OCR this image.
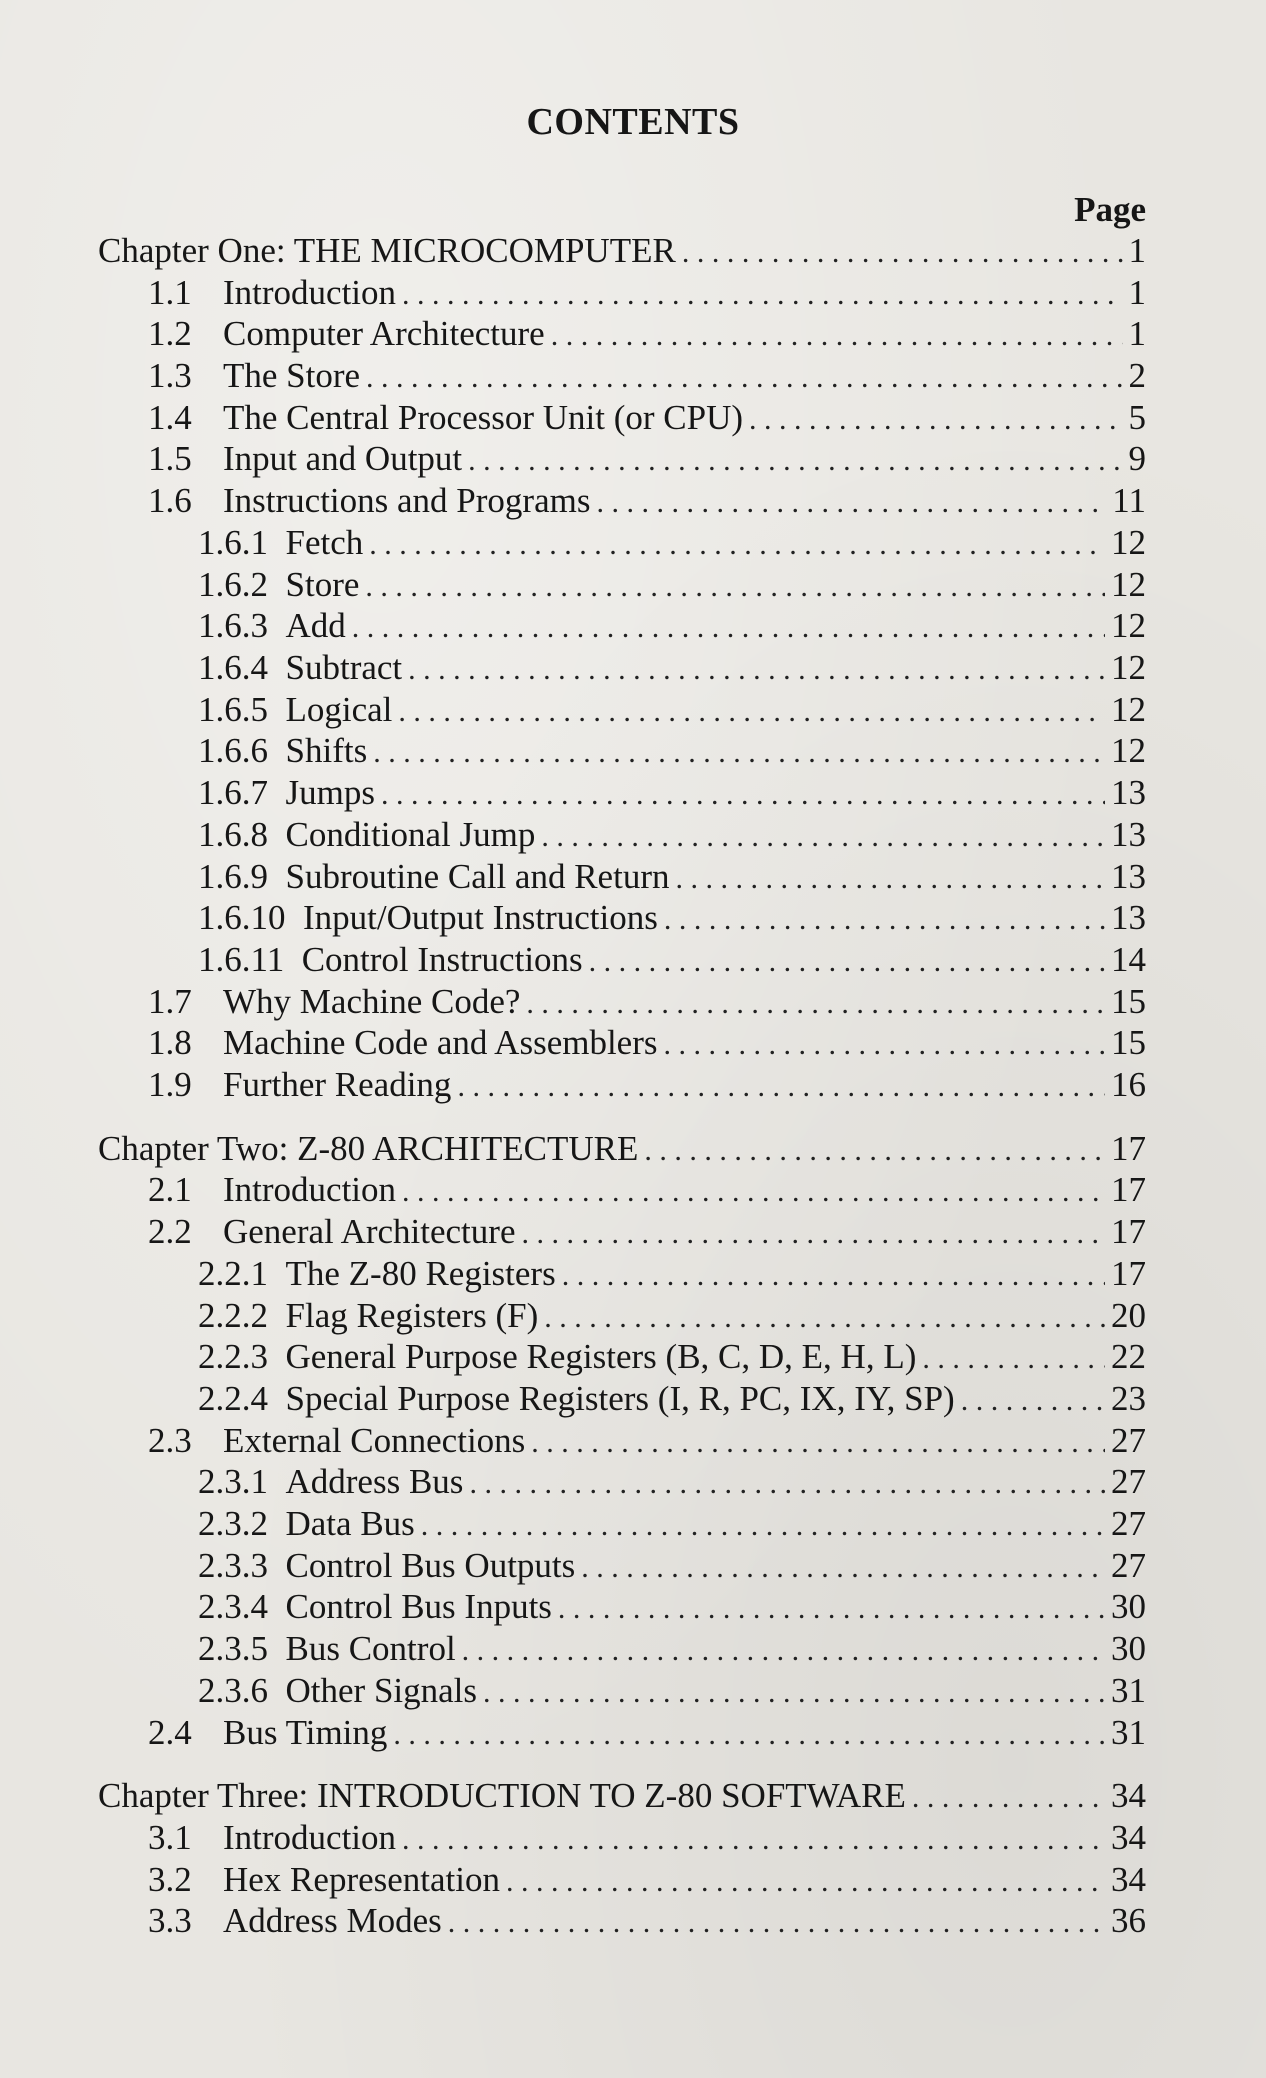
CONTENTS
Page
Chapter One: THE MICROCOMPUTER . . .	1
1.1 Introduction . . .	1
1.2 Computer Architecture . . .	1
1.3 The Store . . .	2
1.4 The Central Processor Unit (or CPU) . . .	5
1.5 Input and Output . . .	9
1.6 Instructions and Programs . . .	11
1.6.1 Fetch . . .	12
1.6.2 Store . . .	12
1.6.3 Add . . .	12
1.6.4 Subtract . . .	12
1.6.5 Logical . . .	12
1.6.6 Shifts . . .	12
1.6.7 Jumps . . .	13
1.6.8 Conditional Jump . . .	13
1.6.9 Subroutine Call and Return . . .	13
1.6.10 Input/Output Instructions . . .	13
1.6.11 Control Instructions . . .	14
1.7 Why Machine Code? . . .	15
1.8 Machine Code and Assemblers . . .	15
1.9 Further Reading . . .	16
Chapter Two: Z-80 ARCHITECTURE . . .	17
2.1 Introduction . . .	17
2.2 General Architecture . . .	17
2.2.1 The Z-80 Registers . . .	17
2.2.2 Flag Registers (F) . . .	20
2.2.3 General Purpose Registers (B, C, D, E, H, L) . . .	22
2.2.4 Special Purpose Registers (I, R, PC, IX, IY, SP) . . .	23
2.3 External Connections . . .	27
2.3.1 Address Bus . . .	27
2.3.2 Data Bus . . .	27
2.3.3 Control Bus Outputs . . .	27
2.3.4 Control Bus Inputs . . .	30
2.3.5 Bus Control . . .	30
2.3.6 Other Signals . . .	31
2.4 Bus Timing . . .	31
Chapter Three: INTRODUCTION TO Z-80 SOFTWARE . . .	34
3.1 Introduction . . .	34
3.2 Hex Representation . . .	34
3.3 Address Modes . . .	36
